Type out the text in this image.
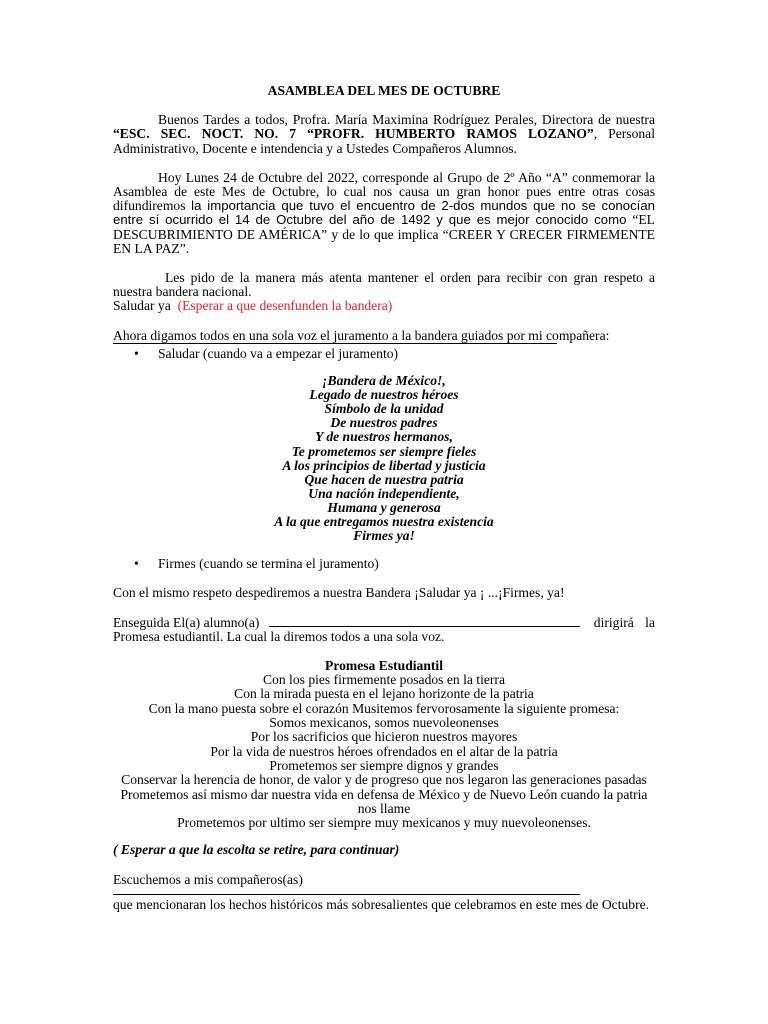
ASAMBLEA DEL MES DE OCTUBRE

Buenos Tardes a todos, Profra. María Maximina Rodríguez Perales, Directora de nuestra “ESC. SEC. NOCT. NO. 7 “PROFR. HUMBERTO RAMOS LOZANO”, Personal Administrativo, Docente e intendencia y a Ustedes Compañeros Alumnos.

Hoy Lunes 24 de Octubre del 2022, corresponde al Grupo de 2º Año “A” conmemorar la Asamblea de este Mes de Octubre, lo cual nos causa un gran honor pues entre otras cosas difundiremos la importancia que tuvo el encuentro de 2-dos mundos que no se conocían entre sí ocurrido el 14 de Octubre del año de 1492 y que es mejor conocido como “EL DESCUBRIMIENTO DE AMÉRICA” y de lo que implica “CREER Y CRECER FIRMEMENTE EN LA PAZ”.

Les pido de la manera más atenta mantener el orden para recibir con gran respeto a nuestra bandera nacional.

Saludar ya (Esperar a que desenfunden la bandera)

Ahora digamos todos en una sola voz el juramento a la bandera guiados por mi compañera:

• Saludar (cuando va a empezar el juramento)

¡Bandera de México!,
Legado de nuestros héroes
Símbolo de la unidad
De nuestros padres
Y de nuestros hermanos,
Te prometemos ser siempre fieles
A los principios de libertad y justicia
Que hacen de nuestra patria
Una nación independiente,
Humana y generosa
A la que entregamos nuestra existencia
Firmes ya!

• Firmes (cuando se termina el juramento)

Con el mismo respeto despediremos a nuestra Bandera ¡Saludar ya ¡ ...¡Firmes, ya!

Enseguida El(a) alumno(a)	dirigirá la

Promesa estudiantil. La cual la diremos todos a una sola voz.

Promesa Estudiantil

Con los pies firmemente posados en la tierra
Con la mirada puesta en el lejano horizonte de la patria
Con la mano puesta sobre el corazón Musitemos fervorosamente la siguiente promesa:
Somos mexicanos, somos nuevoleonenses
Por los sacrificios que hicieron nuestros mayores
Por la vida de nuestros héroes ofrendados en el altar de la patria
Prometemos ser siempre dignos y grandes
Conservar la herencia de honor, de valor y de progreso que nos legaron las generaciones pasadas
Prometemos así mismo dar nuestra vida en defensa de México y de Nuevo León cuando la patria nos llame
Prometemos por ultimo ser siempre muy mexicanos y muy nuevoleonenses.

( Esperar a que la escolta se retire, para continuar)

Escuchemos a mis compañeros(as)

que mencionaran los hechos históricos más sobresalientes que celebramos en este mes de Octubre.
